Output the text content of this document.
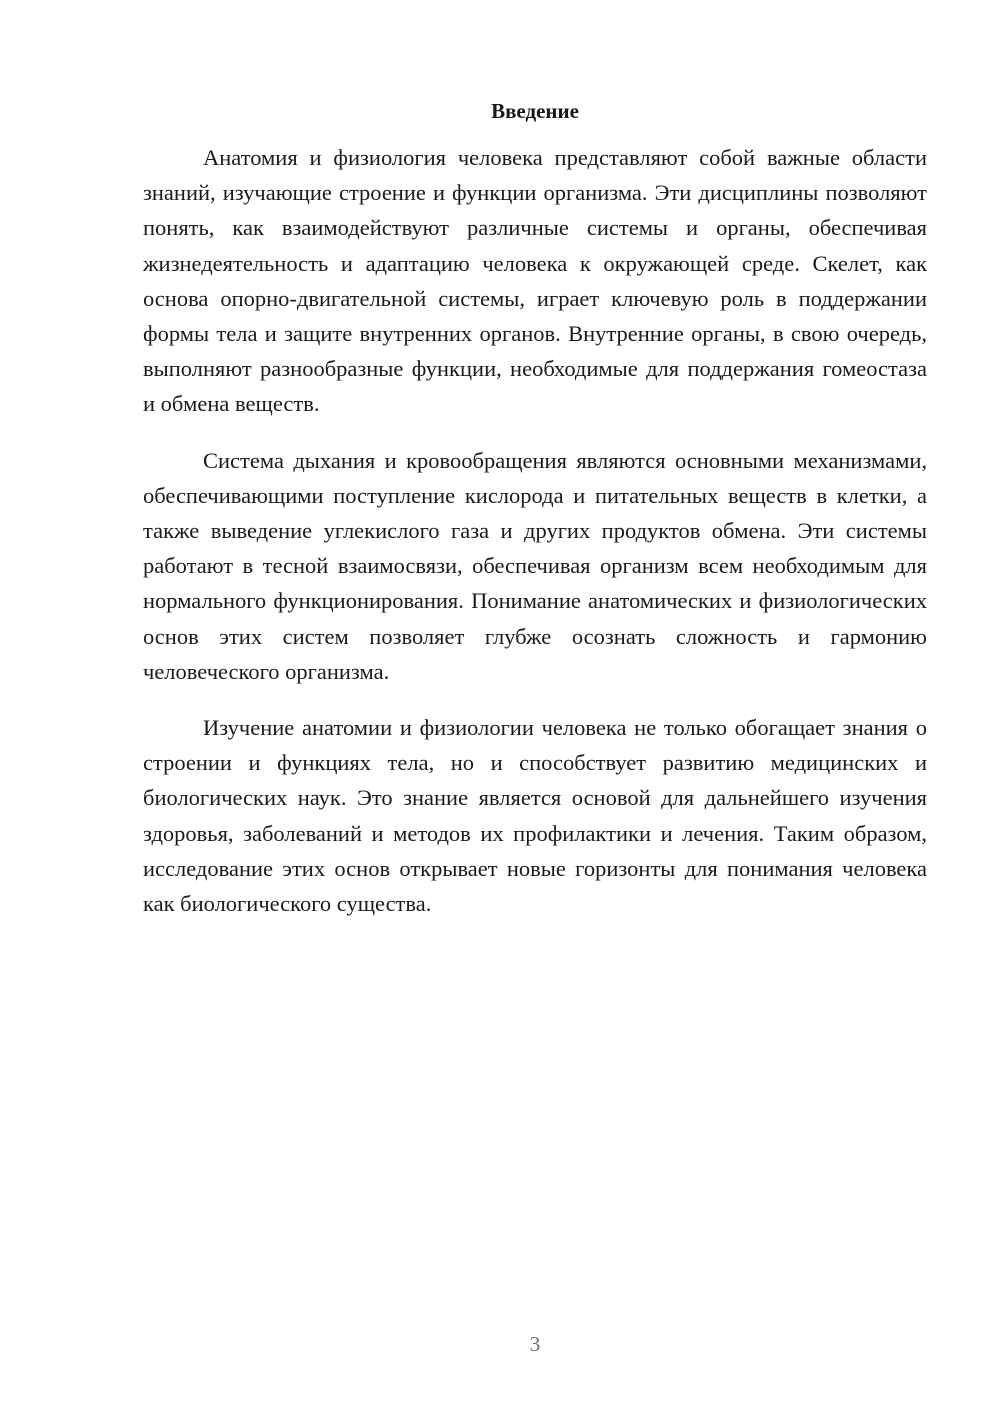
Введение

Анатомия и физиология человека представляют собой важные области знаний, изучающие строение и функции организма. Эти дисциплины позволяют понять, как взаимодействуют различные системы и органы, обеспечивая жизнедеятельность и адаптацию человека к окружающей среде. Скелет, как основа опорно-двигательной системы, играет ключевую роль в поддержании формы тела и защите внутренних органов. Внутренние органы, в свою очередь, выполняют разнообразные функции, необходимые для поддержания гомеостаза и обмена веществ.

Система дыхания и кровообращения являются основными механизмами, обеспечивающими поступление кислорода и питательных веществ в клетки, а также выведение углекислого газа и других продуктов обмена. Эти системы работают в тесной взаимосвязи, обеспечивая организм всем необходимым для нормального функционирования. Понимание анатомических и физиологических основ этих систем позволяет глубже осознать сложность и гармонию человеческого организма.

Изучение анатомии и физиологии человека не только обогащает знания о строении и функциях тела, но и способствует развитию медицинских и биологических наук. Это знание является основой для дальнейшего изучения здоровья, заболеваний и методов их профилактики и лечения. Таким образом, исследование этих основ открывает новые горизонты для понимания человека как биологического существа.

3
